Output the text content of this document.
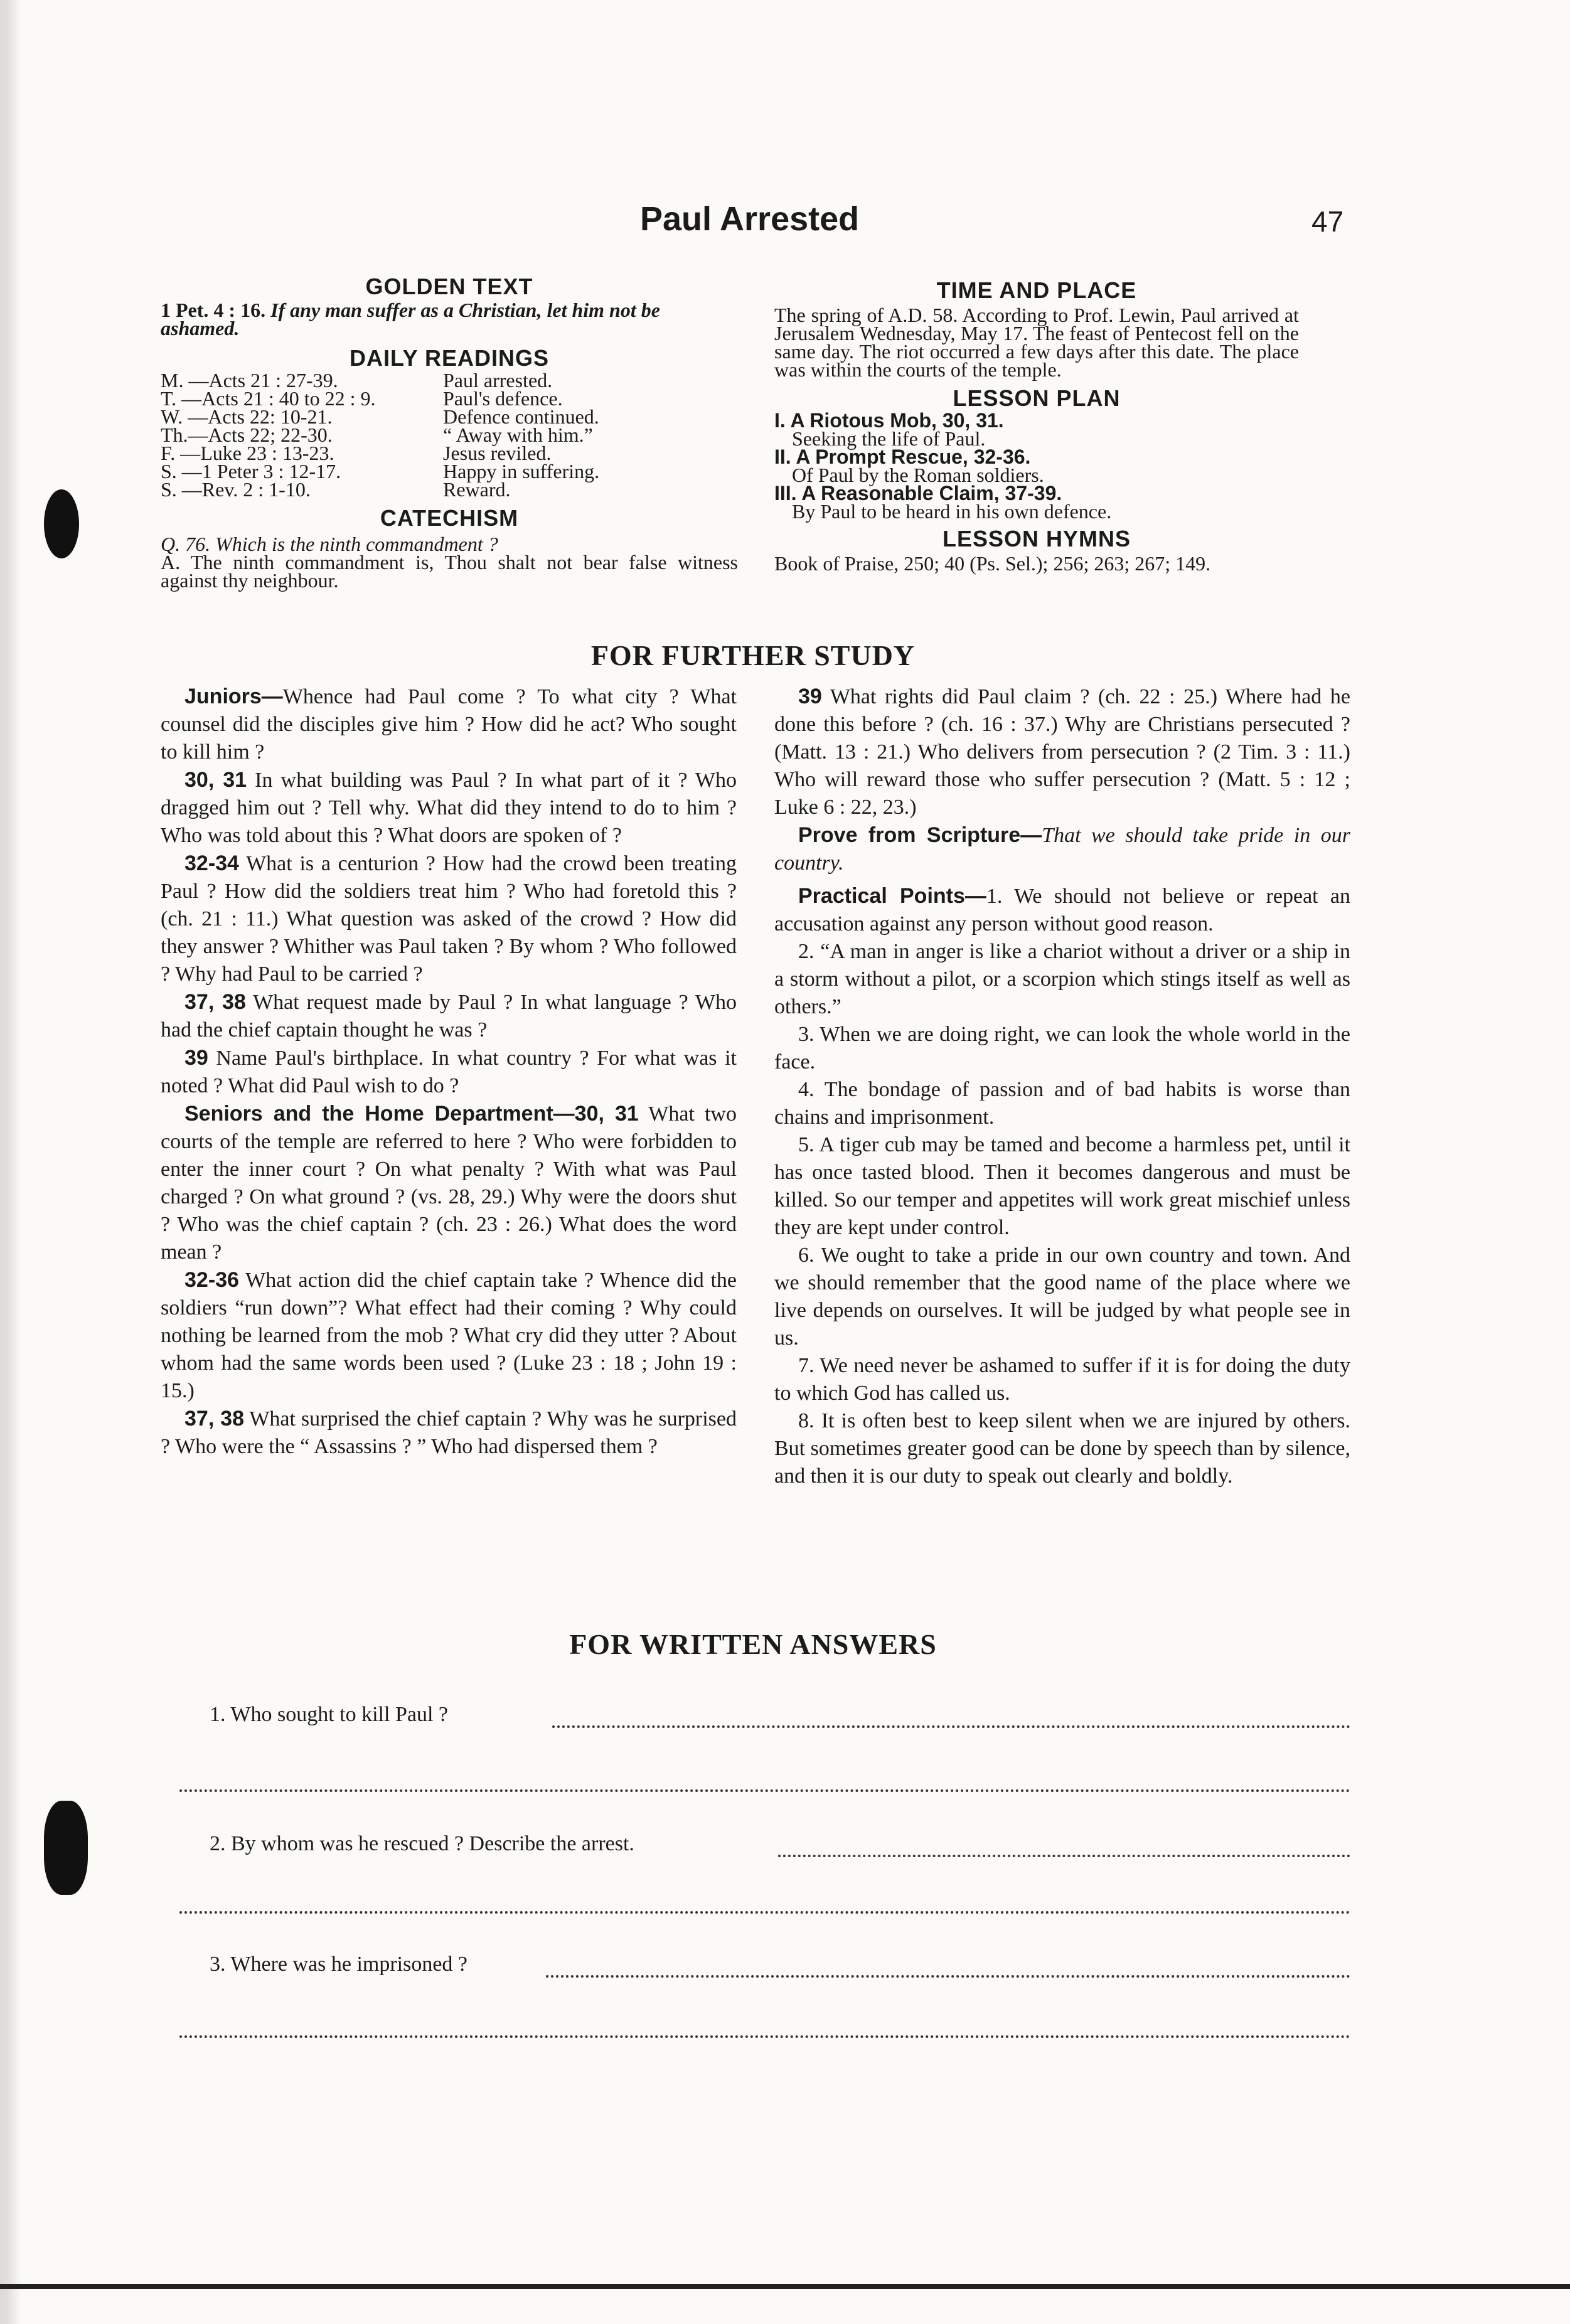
Paul Arrested	47
GOLDEN TEXT
1 Pet. 4 : 16. If any man suffer as a Christian, let him not be ashamed.
DAILY READINGS
M. —Acts 21 : 27-39.	Paul arrested.
T. —Acts 21 : 40 to 22 : 9.	Paul's defence.
W. —Acts 22: 10-21.	Defence continued.
Th.—Acts 22; 22-30.	“ Away with him.”
F. —Luke 23 : 13-23.	Jesus reviled.
S. —1 Peter 3 : 12-17.	Happy in suffering.
S. —Rev. 2 : 1-10.	Reward.
CATECHISM
Q. 76. Which is the ninth commandment ?
A. The ninth commandment is, Thou shalt not bear false witness against thy neighbour.
TIME AND PLACE
The spring of A.D. 58. According to Prof. Lewin, Paul arrived at Jerusalem Wednesday, May 17. The feast of Pentecost fell on the same day. The riot occurred a few days after this date. The place was within the courts of the temple.
LESSON PLAN
I. A Riotous Mob, 30, 31.
Seeking the life of Paul.
II. A Prompt Rescue, 32-36.
Of Paul by the Roman soldiers.
III. A Reasonable Claim, 37-39.
By Paul to be heard in his own defence.
LESSON HYMNS
Book of Praise, 250; 40 (Ps. Sel.); 256; 263; 267; 149.
FOR FURTHER STUDY

Juniors—Whence had Paul come ? To what city ? What counsel did the disciples give him ? How did he act? Who sought to kill him ?

30, 31 In what building was Paul ? In what part of it ? Who dragged him out ? Tell why. What did they intend to do to him ? Who was told about this ? What doors are spoken of ?

32-34 What is a centurion ? How had the crowd been treating Paul ? How did the soldiers treat him ? Who had foretold this ? (ch. 21 : 11.) What question was asked of the crowd ? How did they answer ? Whither was Paul taken ? By whom ? Who followed ? Why had Paul to be carried ?

37, 38 What request made by Paul ? In what language ? Who had the chief captain thought he was ?

39 Name Paul's birthplace. In what country ? For what was it noted ? What did Paul wish to do ?

Seniors and the Home Department—30, 31 What two courts of the temple are referred to here ? Who were forbidden to enter the inner court ? On what penalty ? With what was Paul charged ? On what ground ? (vs. 28, 29.) Why were the doors shut ? Who was the chief captain ? (ch. 23 : 26.) What does the word mean ?

32-36 What action did the chief captain take ? Whence did the soldiers “run down”? What effect had their coming ? Why could nothing be learned from the mob ? What cry did they utter ? About whom had the same words been used ? (Luke 23 : 18 ; John 19 : 15.)

37, 38 What surprised the chief captain ? Why was he surprised ? Who were the “ Assassins ? ” Who had dispersed them ?

39 What rights did Paul claim ? (ch. 22 : 25.) Where had he done this before ? (ch. 16 : 37.) Why are Christians persecuted ? (Matt. 13 : 21.) Who delivers from persecution ? (2 Tim. 3 : 11.) Who will reward those who suffer persecution ? (Matt. 5 : 12 ; Luke 6 : 22, 23.)

Prove from Scripture—That we should take pride in our country.

Practical Points—1. We should not believe or repeat an accusation against any person without good reason.

2. “A man in anger is like a chariot without a driver or a ship in a storm without a pilot, or a scorpion which stings itself as well as others.”

3. When we are doing right, we can look the whole world in the face.

4. The bondage of passion and of bad habits is worse than chains and imprisonment.

5. A tiger cub may be tamed and become a harmless pet, until it has once tasted blood. Then it becomes dangerous and must be killed. So our temper and appetites will work great mischief unless they are kept under control.

6. We ought to take a pride in our own country and town. And we should remember that the good name of the place where we live depends on ourselves. It will be judged by what people see in us.

7. We need never be ashamed to suffer if it is for doing the duty to which God has called us.

8. It is often best to keep silent when we are injured by others. But sometimes greater good can be done by speech than by silence, and then it is our duty to speak out clearly and boldly.

FOR WRITTEN ANSWERS
1. Who sought to kill Paul ?
2. By whom was he rescued ? Describe the arrest.
3. Where was he imprisoned ?
